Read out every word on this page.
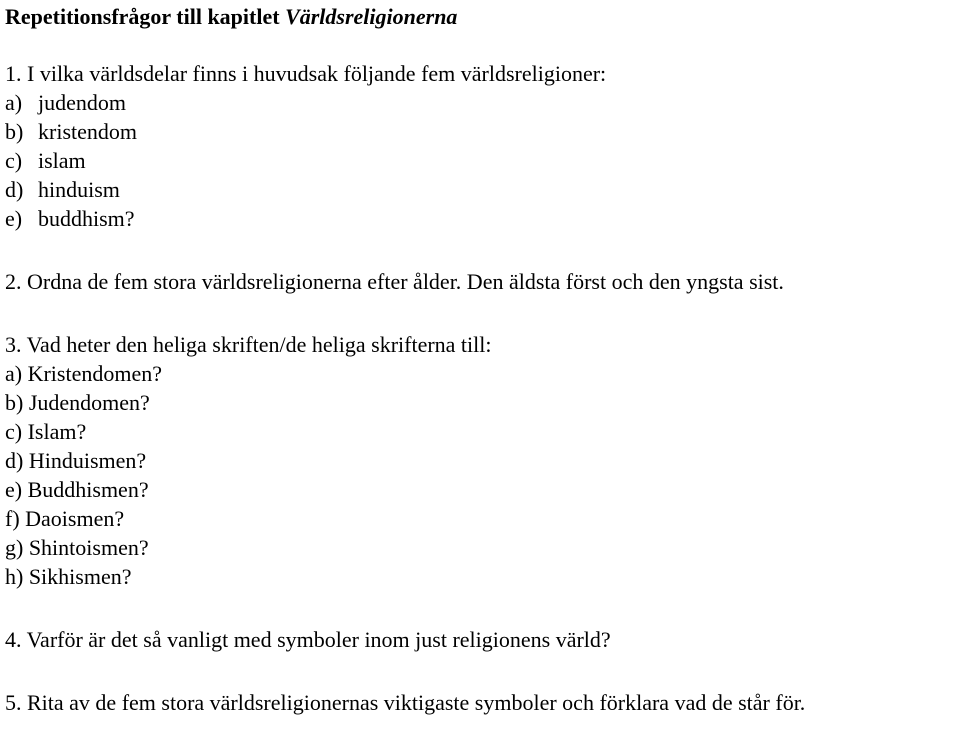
Repetitionsfrågor till kapitlet Världsreligionerna

1. I vilka världsdelar finns i huvudsak följande fem världsreligioner:

a) judendom
b) kristendom
c) islam
d) hinduism
e) buddhism?

2. Ordna de fem stora världsreligionerna efter ålder. Den äldsta först och den yngsta sist.

3. Vad heter den heliga skriften/de heliga skrifterna till:

a) Kristendomen?
b) Judendomen?
c) Islam?
d) Hinduismen?
e) Buddhismen?
f) Daoismen?
g) Shintoismen?
h) Sikhismen?

4. Varför är det så vanligt med symboler inom just religionens värld?

5. Rita av de fem stora världsreligionernas viktigaste symboler och förklara vad de står för.
